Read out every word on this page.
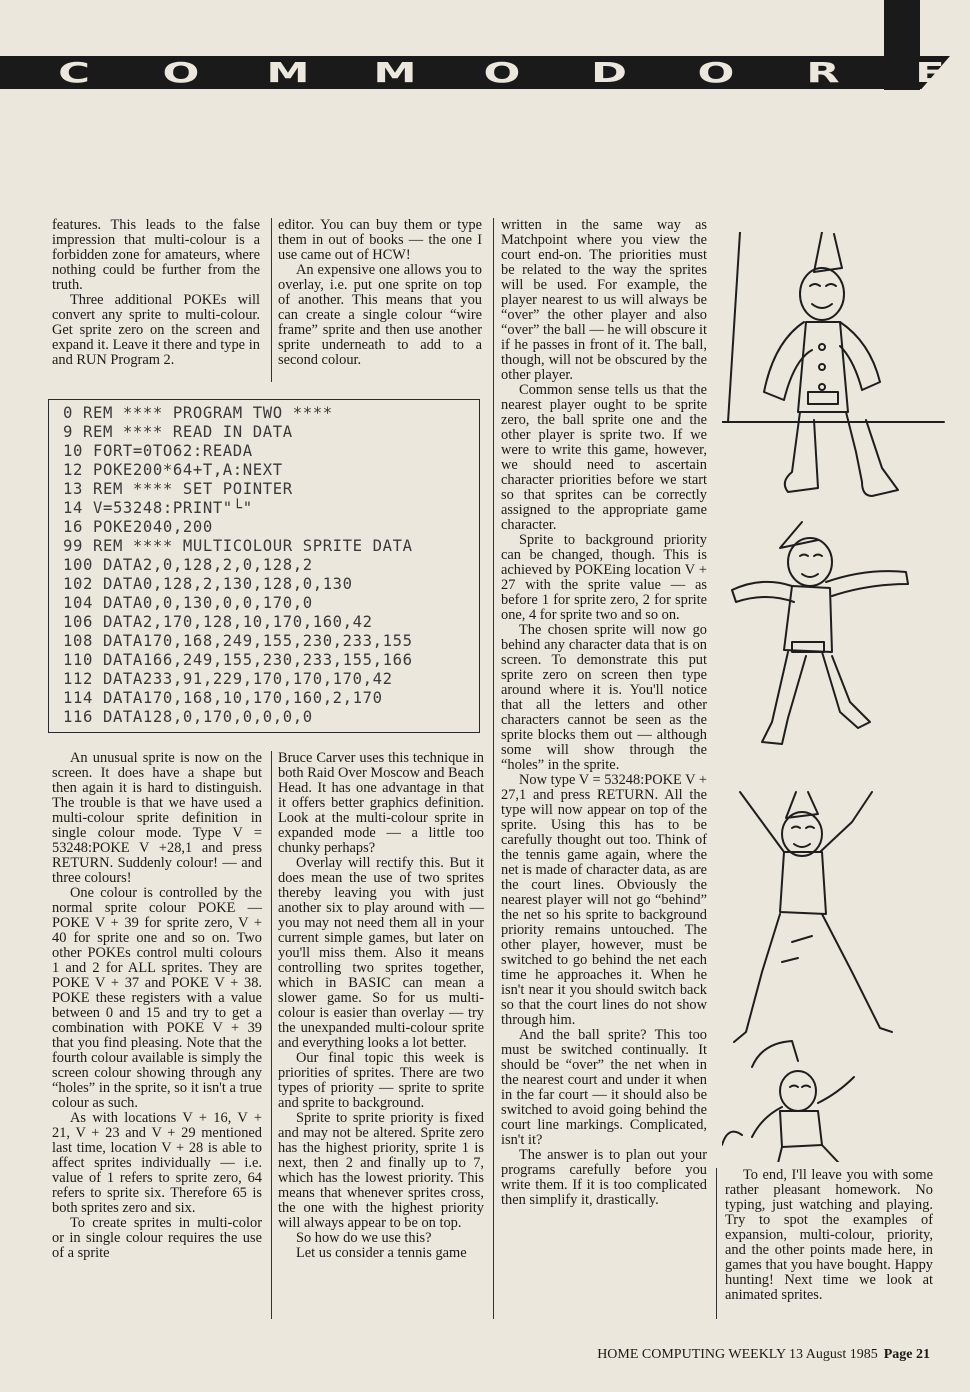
C	O	M	M	O	D	O	R	E

features. This leads to the false impression that multi-colour is a forbidden zone for amateurs, where nothing could be further from the truth.

Three additional POKEs will convert any sprite to multi-colour. Get sprite zero on the screen and expand it. Leave it there and type in and RUN Program 2.

editor. You can buy them or type them in out of books — the one I use came out of HCW!

An expensive one allows you to overlay, i.e. put one sprite on top of another. This means that you can create a single colour “wire frame” sprite and then use another sprite underneath to add to a second colour.

0 REM **** PROGRAM TWO ****
9 REM **** READ IN DATA
10 FORT=0TO62:READA
12 POKE200*64+T,A:NEXT
13 REM **** SET POINTER
14 V=53248:PRINT"└"
16 POKE2040,200
99 REM **** MULTICOLOUR SPRITE DATA
100 DATA2,0,128,2,0,128,2
102 DATA0,128,2,130,128,0,130
104 DATA0,0,130,0,0,170,0
106 DATA2,170,128,10,170,160,42
108 DATA170,168,249,155,230,233,155
110 DATA166,249,155,230,233,155,166
112 DATA233,91,229,170,170,170,42
114 DATA170,168,10,170,160,2,170
116 DATA128,0,170,0,0,0,0

An unusual sprite is now on the screen. It does have a shape but then again it is hard to distinguish. The trouble is that we have used a multi-colour sprite definition in single colour mode. Type V = 53248:POKE V +28,1 and press RETURN. Suddenly colour! — and three colours!

One colour is controlled by the normal sprite colour POKE — POKE V + 39 for sprite zero, V + 40 for sprite one and so on. Two other POKEs control multi colours 1 and 2 for ALL sprites. They are POKE V + 37 and POKE V + 38. POKE these registers with a value between 0 and 15 and try to get a combination with POKE V + 39 that you find pleasing. Note that the fourth colour available is simply the screen colour showing through any “holes” in the sprite, so it isn't a true colour as such.

As with locations V + 16, V + 21, V + 23 and V + 29 mentioned last time, location V + 28 is able to affect sprites individually — i.e. value of 1 refers to sprite zero, 64 refers to sprite six. Therefore 65 is both sprites zero and six.

To create sprites in multi-color or in single colour requires the use of a sprite

Bruce Carver uses this technique in both Raid Over Moscow and Beach Head. It has one advantage in that it offers better graphics definition. Look at the multi-colour sprite in expanded mode — a little too chunky perhaps?

Overlay will rectify this. But it does mean the use of two sprites thereby leaving you with just another six to play around with — you may not need them all in your current simple games, but later on you'll miss them. Also it means controlling two sprites together, which in BASIC can mean a slower game. So for us multi-colour is easier than overlay — try the unexpanded multi-colour sprite and everything looks a lot better.

Our final topic this week is priorities of sprites. There are two types of priority — sprite to sprite and sprite to background.

Sprite to sprite priority is fixed and may not be altered. Sprite zero has the highest priority, sprite 1 is next, then 2 and finally up to 7, which has the lowest priority. This means that whenever sprites cross, the one with the highest priority will always appear to be on top.

So how do we use this?

Let us consider a tennis game

written in the same way as Matchpoint where you view the court end-on. The priorities must be related to the way the sprites will be used. For example, the player nearest to us will always be “over” the other player and also “over” the ball — he will obscure it if he passes in front of it. The ball, though, will not be obscured by the other player.

Common sense tells us that the nearest player ought to be sprite zero, the ball sprite one and the other player is sprite two. If we were to write this game, however, we should need to ascertain character priorities before we start so that sprites can be correctly assigned to the appropriate game character.

Sprite to background priority can be changed, though. This is achieved by POKEing location V + 27 with the sprite value — as before 1 for sprite zero, 2 for sprite one, 4 for sprite two and so on.

The chosen sprite will now go behind any character data that is on screen. To demonstrate this put sprite zero on screen then type around where it is. You'll notice that all the letters and other characters cannot be seen as the sprite blocks them out — although some will show through the “holes” in the sprite.

Now type V = 53248:POKE V + 27,1 and press RETURN. All the type will now appear on top of the sprite. Using this has to be carefully thought out too. Think of the tennis game again, where the net is made of character data, as are the court lines. Obviously the nearest player will not go “behind” the net so his sprite to background priority remains untouched. The other player, however, must be switched to go behind the net each time he approaches it. When he isn't near it you should switch back so that the court lines do not show through him.

And the ball sprite? This too must be switched continually. It should be “over” the net when in the nearest court and under it when in the far court — it should also be switched to avoid going behind the court line markings. Complicated, isn't it?

The answer is to plan out your programs carefully before you write them. If it is too complicated then simplify it, drastically.

To end, I'll leave you with some rather pleasant homework. No typing, just watching and playing. Try to spot the examples of expansion, multi-colour, priority, and the other points made here, in games that you have bought. Happy hunting! Next time we look at animated sprites.

HOME COMPUTING WEEKLY 13 August 1985 Page 21
